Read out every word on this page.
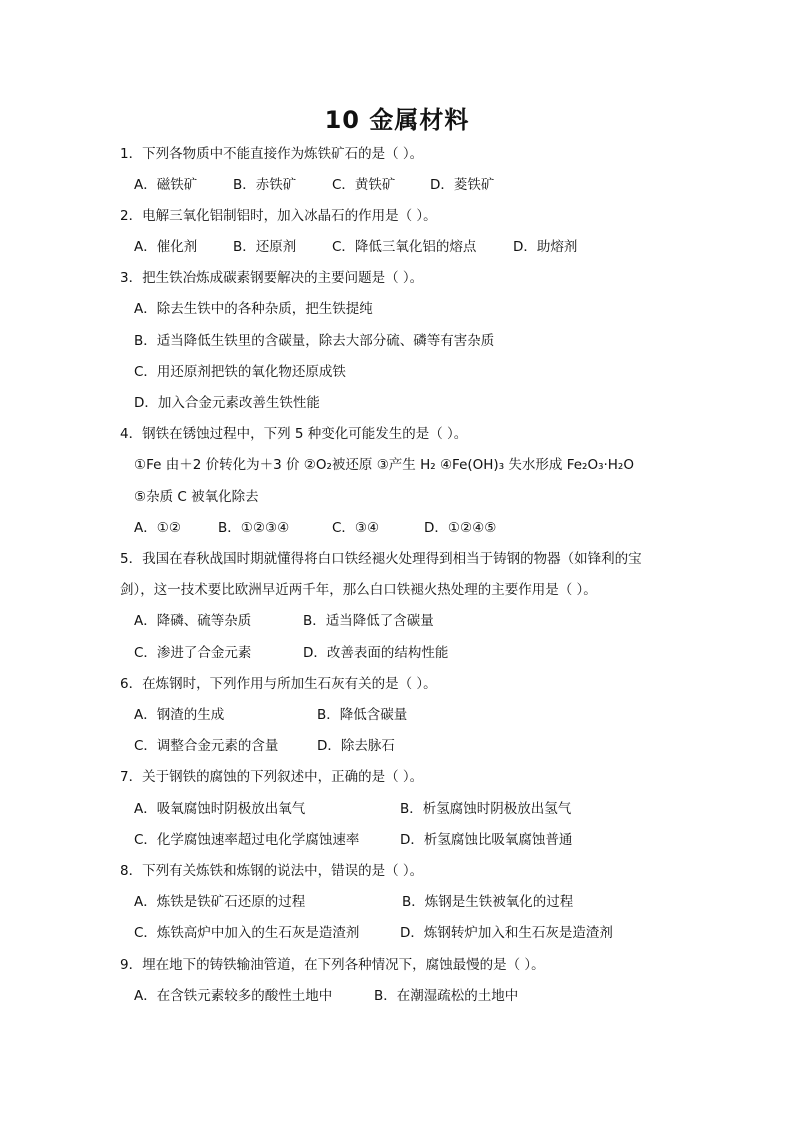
10 金属材料
1．下列各物质中不能直接作为炼铁矿石的是（ ）。
A．磁铁矿	B．赤铁矿	C．黄铁矿	D．菱铁矿
2．电解三氧化铝制铝时，加入冰晶石的作用是（ ）。
A．催化剂	B．还原剂	C．降低三氧化铝的熔点	D．助熔剂
3．把生铁冶炼成碳素钢要解决的主要问题是（ ）。
A．除去生铁中的各种杂质，把生铁提纯
B．适当降低生铁里的含碳量，除去大部分硫、磷等有害杂质
C．用还原剂把铁的氧化物还原成铁
D．加入合金元素改善生铁性能
4．钢铁在锈蚀过程中，下列 5 种变化可能发生的是（ ）。
①Fe 由＋2 价转化为＋3 价 ②O₂被还原 ③产生 H₂ ④Fe(OH)₃ 失水形成 Fe₂O₃·H₂O
⑤杂质 C 被氧化除去
A．①②	B．①②③④	C．③④	D．①②④⑤
5．我国在春秋战国时期就懂得将白口铁经褪火处理得到相当于铸钢的物器（如锋利的宝
剑），这一技术要比欧洲早近两千年，那么白口铁褪火热处理的主要作用是（ ）。
A．降磷、硫等杂质	B．适当降低了含碳量
C．渗进了合金元素	D．改善表面的结构性能
6．在炼钢时，下列作用与所加生石灰有关的是（ ）。
A．钢渣的生成	B．降低含碳量
C．调整合金元素的含量	D．除去脉石
7．关于钢铁的腐蚀的下列叙述中，正确的是（ ）。
A．吸氧腐蚀时阴极放出氧气	B．析氢腐蚀时阴极放出氢气
C．化学腐蚀速率超过电化学腐蚀速率	D．析氢腐蚀比吸氧腐蚀普通
8．下列有关炼铁和炼钢的说法中，错误的是（ ）。
A．炼铁是铁矿石还原的过程	B．炼钢是生铁被氧化的过程
C．炼铁高炉中加入的生石灰是造渣剂	D．炼钢转炉加入和生石灰是造渣剂
9．埋在地下的铸铁输油管道，在下列各种情况下，腐蚀最慢的是（ ）。
A．在含铁元素较多的酸性土地中	B．在潮湿疏松的土地中
